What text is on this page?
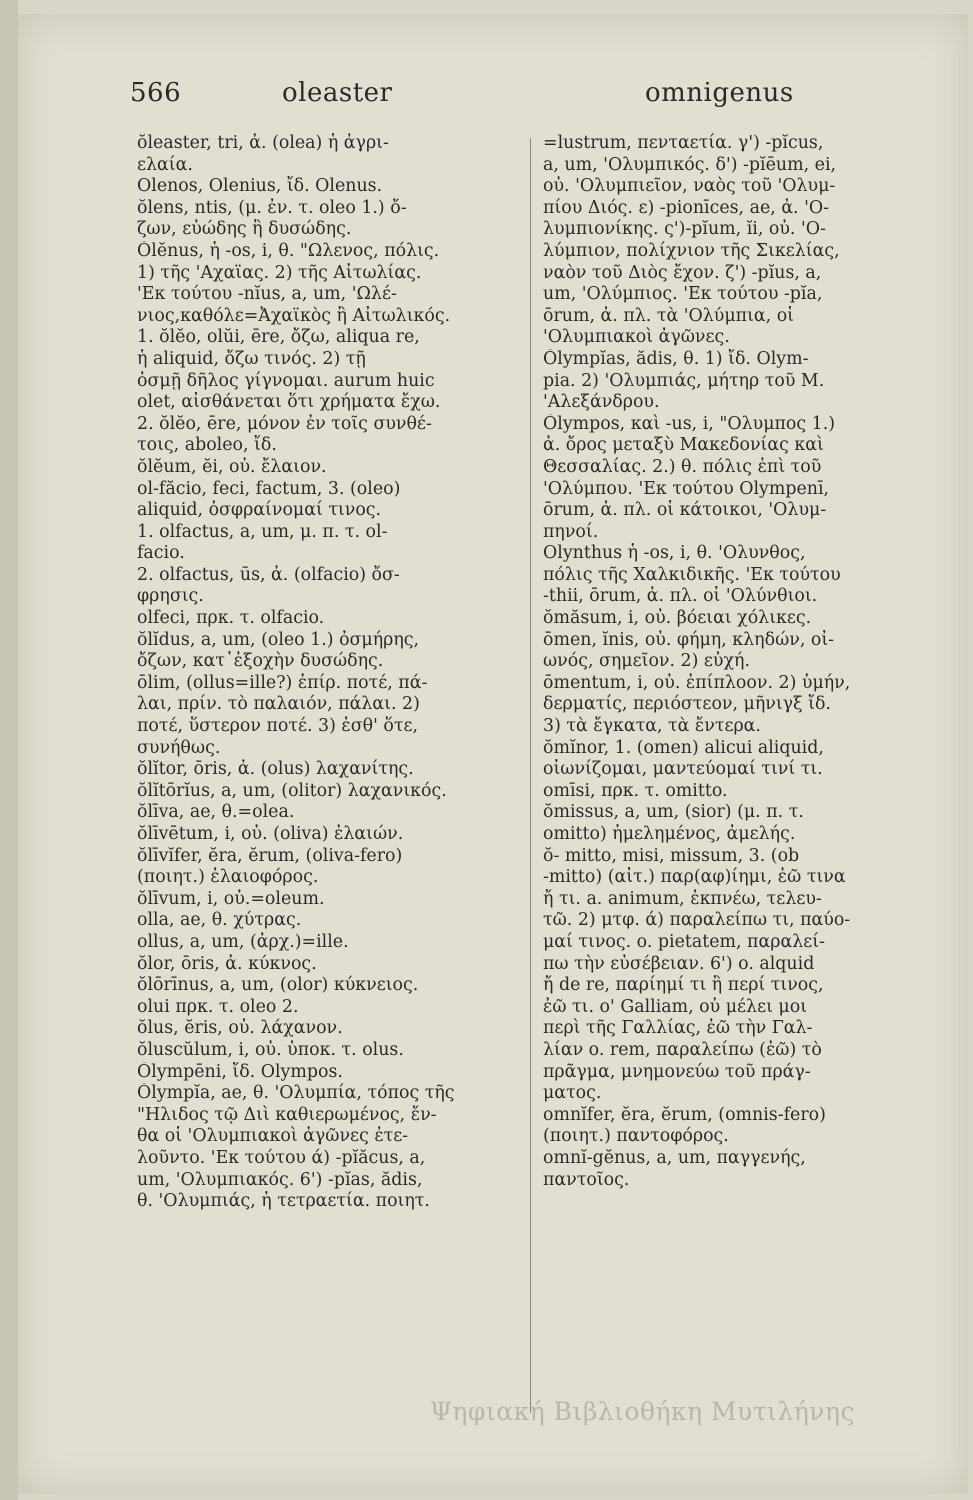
566	oleaster	omnigenus
ŏleaster, tri, ἀ. (olea) ἡ ἀγρι-
ελαία.
Olenos, Olenius, ἴδ. Olenus.
ŏlens, ntis, (μ. ἐν. τ. oleo 1.) ὄ-
ζων, εὐώδης ἢ δυσώδης.
Ŏlĕnus, ἡ -os, i, θ. "Ωλενος, πόλις.
1) τῆς 'Αχαΐας. 2) τῆς Αἰτωλίας.
'Εκ τούτου -nĭus, a, um, 'Ωλέ-
νιος,καθόλε=Ἀχαϊκὸς ἢ Αἰτωλικός.
1. ŏlĕo, olŭi, ēre, ὄζω, aliqua re,
ἡ aliquid, ὄζω τινός. 2) τῇ
ὀσμῇ δῆλος γίγνομαι. aurum huic
olet, αἰσθάνεται ὅτι χρήματα ἔχω.
2. ŏlĕo, ēre, μόνον ἐν τοῖς συνθέ-
τοις, aboleo, ἴδ.
ŏlĕum, ĕi, οὐ. ἔλαιον.
ol-făcio, feci, factum, 3. (oleo)
aliquid, ὀσφραίνομαί τινος.
1. olfactus, a, um, μ. π. τ. ol-
facio.
2. olfactus, ūs, ἀ. (olfacio) ὄσ-
φρησις.
olfeci, πρκ. τ. olfacio.
ŏlĭdus, a, um, (oleo 1.) ὀσμήρης,
ὄζων, κατ᾽ἐξοχὴν δυσώδης.
ōlim, (ollus=ille?) ἐπίρ. ποτέ, πά-
λαι, πρίν. τὸ παλαιόν, πάλαι. 2)
ποτέ, ὕστερον ποτέ. 3) ἐσθ' ὅτε,
συνήθως.
ŏlĭtor, ōris, ἀ. (olus) λαχανίτης.
ŏlĭtōrĭus, a, um, (olitor) λαχανικός.
ŏlīva, ae, θ.=olea.
ŏlīvētum, i, οὐ. (oliva) ἐλαιών.
ŏlīvĭfer, ĕra, ĕrum, (oliva-fero)
(ποιητ.) ἐλαιοφόρος.
ŏlīvum, i, οὐ.=oleum.
olla, ae, θ. χύτρας.
ollus, a, um, (ἀρχ.)=ille.
ŏlor, ōris, ἀ. κύκνος.
ŏlōrīnus, a, um, (olor) κύκνειος.
olui πρκ. τ. oleo 2.
ŏlus, ĕris, οὐ. λάχανον.
ŏluscŭlum, i, οὐ. ὑποκ. τ. olus.
Ŏlympēni, ἴδ. Olympos.
Ŏlympĭa, ae, θ. 'Ολυμπία, τόπος τῆς
"Ηλιδος τῷ Διὶ καθιερωμένος, ἔν-
θα οἱ 'Ολυμπιακοὶ ἀγῶνες ἐτε-
λοῦντο. 'Εκ τούτου ά) -pĭăcus, a,
um, 'Ολυμπιακός. 6') -pĭas, ădis,
θ. 'Ολυμπιάς, ἡ τετραετία. ποιητ.
=lustrum, πενταετία. γ') -pĭcus,
a, um, 'Ολυμπικός. δ') -pĭēum, ei,
οὐ. 'Ολυμπιεῖον, ναὸς τοῦ 'Ολυμ-
πίου Διός. ε) -pionīces, ae, ἀ. 'Ο-
λυμπιονίκης. ς')-pĭum, ĭi, οὐ. 'Ο-
λύμπιον, πολίχνιον τῆς Σικελίας,
ναὸν τοῦ Διὸς ἔχον. ζ') -pĭus, a,
um, 'Ολύμπιος. 'Εκ τούτου -pĭa,
ōrum, ἀ. πλ. τὰ 'Ολύμπια, οἱ
'Ολυμπιακοὶ ἀγῶνες.
Ŏlympĭas, ădis, θ. 1) ἴδ. Olym-
pia. 2) 'Ολυμπιάς, μήτηρ τοῦ Μ.
'Αλεξάνδρου.
Ŏlympos, καὶ -us, i, "Ολυμπος 1.)
ἀ. ὄρος μεταξὺ Μακεδονίας καὶ
Θεσσαλίας. 2.) θ. πόλις ἐπὶ τοῦ
'Ολύμπου. 'Εκ τούτου Olympenī,
ōrum, ἀ. πλ. οἱ κάτοικοι, 'Ολυμ-
πηνοί.
Olynthus ἡ -os, i, θ. 'Ολυνθος,
πόλις τῆς Χαλκιδικῆς. 'Εκ τούτου
-thii, ōrum, ἀ. πλ. οἱ 'Ολύνθιοι.
ŏmăsum, i, οὐ. βόειαι χόλικες.
ōmen, ĭnis, οὐ. φήμη, κληδών, οἰ-
ωνός, σημεῖον. 2) εὐχή.
ōmentum, i, οὐ. ἐπίπλοον. 2) ὑμήν,
δερματίς, περιόστεον, μῆνιγξ ἴδ.
3) τὰ ἔγκατα, τὰ ἔντερα.
ŏmĭnor, 1. (omen) alicui aliquid,
οἰωνίζομαι, μαντεύομαί τινί τι.
omīsi, πρκ. τ. omitto.
ŏmissus, a, um, (sior) (μ. π. τ.
omitto) ἠμελημένος, ἀμελής.
ŏ- mitto, misi, missum, 3. (ob
-mitto) (αἰτ.) παρ(αφ)ίημι, ἐῶ τινα
ἤ τι. a. animum, ἐκπνέω, τελευ-
τῶ. 2) μτφ. ά) παραλείπω τι, παύο-
μαί τινος. o. pietatem, παραλεί-
πω τὴν εὐσέβειαν. 6') o. alquid
ἤ de re, παρίημί τι ἢ περί τινος,
ἐῶ τι. o' Galliam, οὐ μέλει μοι
περὶ τῆς Γαλλίας, ἐῶ τὴν Γαλ-
λίαν o. rem, παραλείπω (ἐῶ) τὸ
πρᾶγμα, μνημονεύω τοῦ πράγ-
ματος.
omnĭfer, ĕra, ĕrum, (omnis-fero)
(ποιητ.) παντοφόρος.
omnĭ-gĕnus, a, um, παγγενής,
παντοῖος.
Ψηφιακή Βιβλιοθήκη Μυτιλήνης
